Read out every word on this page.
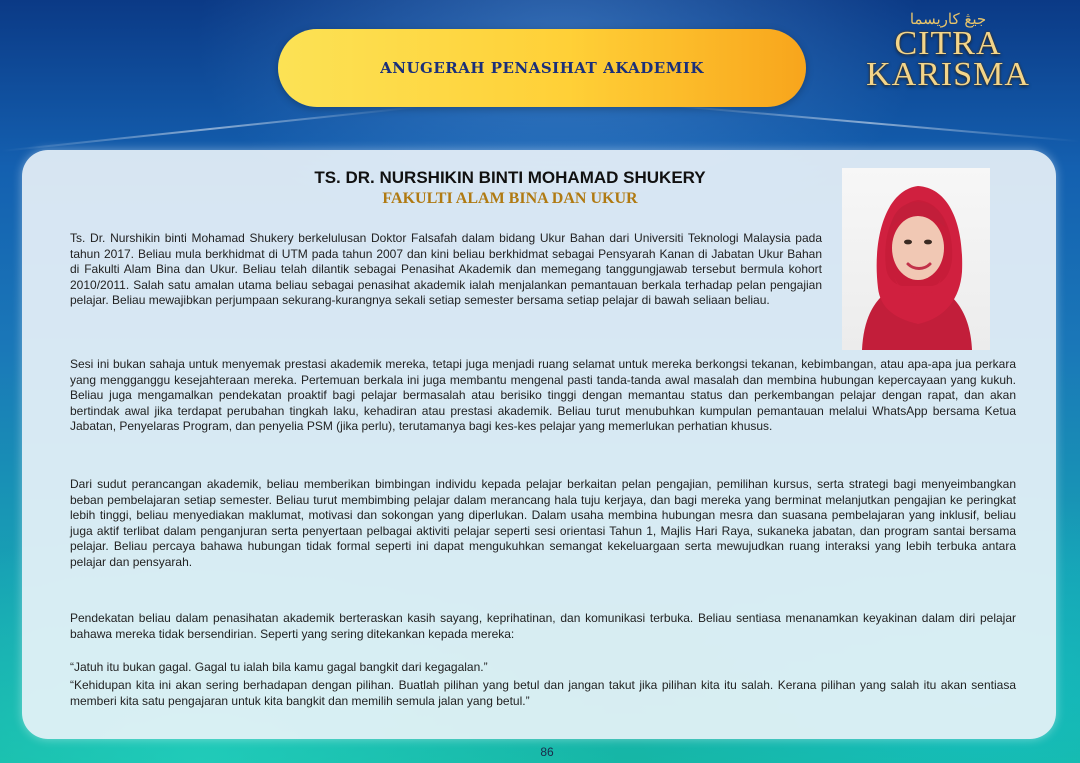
ANUGERAH PENASIHAT AKADEMIK
جيڠ كاريسما
CITRA
KARISMA
TS. DR. NURSHIKIN BINTI MOHAMAD SHUKERY
FAKULTI ALAM BINA DAN UKUR

Ts. Dr. Nurshikin binti Mohamad Shukery berkelulusan Doktor Falsafah dalam bidang Ukur Bahan dari Universiti Teknologi Malaysia pada tahun 2017. Beliau mula berkhidmat di UTM pada tahun 2007 dan kini beliau berkhidmat sebagai Pensyarah Kanan di Jabatan Ukur Bahan di Fakulti Alam Bina dan Ukur. Beliau telah dilantik sebagai Penasihat Akademik dan memegang tanggungjawab tersebut bermula kohort 2010/2011. Salah satu amalan utama beliau sebagai penasihat akademik ialah menjalankan pemantauan berkala terhadap pelan pengajian pelajar. Beliau mewajibkan perjumpaan sekurang-kurangnya sekali setiap semester bersama setiap pelajar di bawah seliaan beliau.

Sesi ini bukan sahaja untuk menyemak prestasi akademik mereka, tetapi juga menjadi ruang selamat untuk mereka berkongsi tekanan, kebimbangan, atau apa-apa jua perkara yang mengganggu kesejahteraan mereka. Pertemuan berkala ini juga membantu mengenal pasti tanda-tanda awal masalah dan membina hubungan kepercayaan yang kukuh. Beliau juga mengamalkan pendekatan proaktif bagi pelajar bermasalah atau berisiko tinggi dengan memantau status dan perkembangan pelajar dengan rapat, dan akan bertindak awal jika terdapat perubahan tingkah laku, kehadiran atau prestasi akademik. Beliau turut menubuhkan kumpulan pemantauan melalui WhatsApp bersama Ketua Jabatan, Penyelaras Program, dan penyelia PSM (jika perlu), terutamanya bagi kes-kes pelajar yang memerlukan perhatian khusus.

Dari sudut perancangan akademik, beliau memberikan bimbingan individu kepada pelajar berkaitan pelan pengajian, pemilihan kursus, serta strategi bagi menyeimbangkan beban pembelajaran setiap semester. Beliau turut membimbing pelajar dalam merancang hala tuju kerjaya, dan bagi mereka yang berminat melanjutkan pengajian ke peringkat lebih tinggi, beliau menyediakan maklumat, motivasi dan sokongan yang diperlukan. Dalam usaha membina hubungan mesra dan suasana pembelajaran yang inklusif, beliau juga aktif terlibat dalam penganjuran serta penyertaan pelbagai aktiviti pelajar seperti sesi orientasi Tahun 1, Majlis Hari Raya, sukaneka jabatan, dan program santai bersama pelajar. Beliau percaya bahawa hubungan tidak formal seperti ini dapat mengukuhkan semangat kekeluargaan serta mewujudkan ruang interaksi yang lebih terbuka antara pelajar dan pensyarah.

Pendekatan beliau dalam penasihatan akademik berteraskan kasih sayang, keprihatinan, dan komunikasi terbuka. Beliau sentiasa menanamkan keyakinan dalam diri pelajar bahawa mereka tidak bersendirian. Seperti yang sering ditekankan kepada mereka:

“Jatuh itu bukan gagal. Gagal tu ialah bila kamu gagal bangkit dari kegagalan.”

“Kehidupan kita ini akan sering berhadapan dengan pilihan. Buatlah pilihan yang betul dan jangan takut jika pilihan kita itu salah. Kerana pilihan yang salah itu akan sentiasa memberi kita satu pengajaran untuk kita bangkit dan memilih semula jalan yang betul.”

86
